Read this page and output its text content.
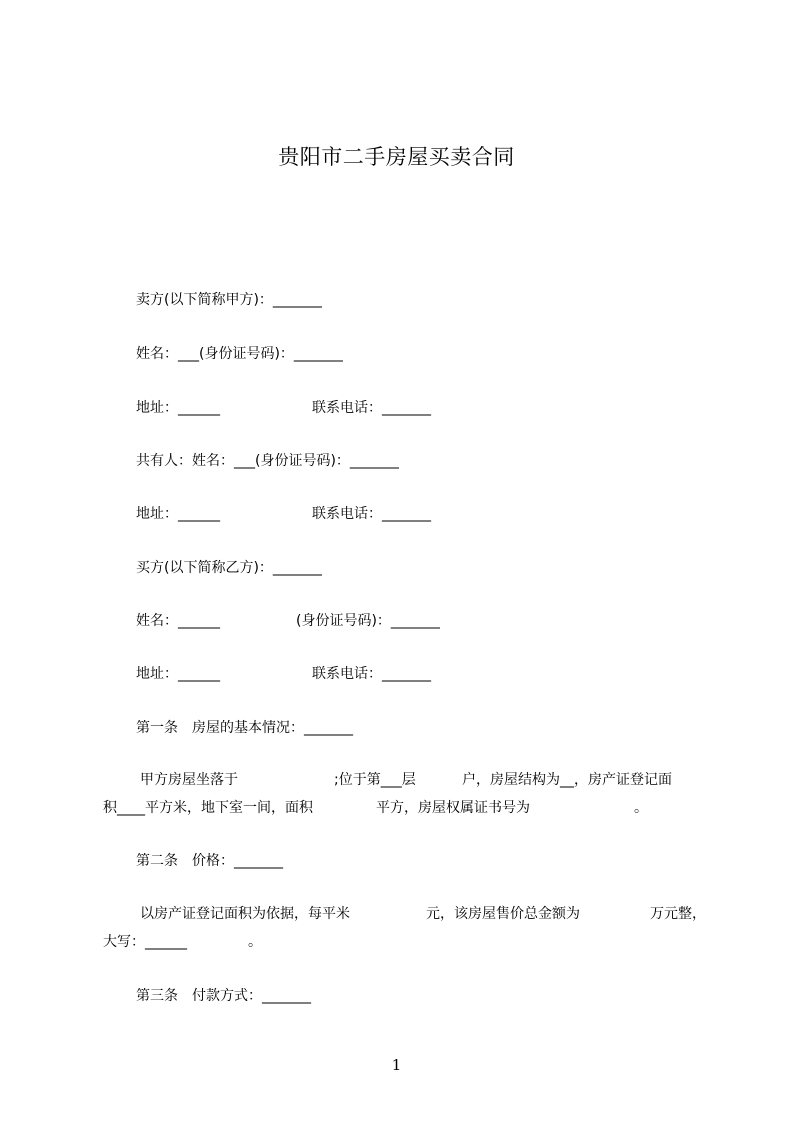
贵阳市二手房屋买卖合同
卖方(以下简称甲方)：_______
姓名：___(身份证号码)：_______
地址：______	联系电话：_______
共有人：姓名：___(身份证号码)：_______
地址：______	联系电话：_______
买方(以下简称乙方)：_______
姓名：______	(身份证号码)：_______
地址：______	联系电话：_______
第一条　房屋的基本情况：_______
甲方房屋坐落于	;位于第___层	户，房屋结构为__，房产证登记面
积____平方米，地下室一间，面积	平方，房屋权属证书号为	。
第二条　价格：_______
以房产证登记面积为依据，每平米	元，该房屋售价总金额为	万元整，
大写：______	。
第三条　付款方式：_______
1
